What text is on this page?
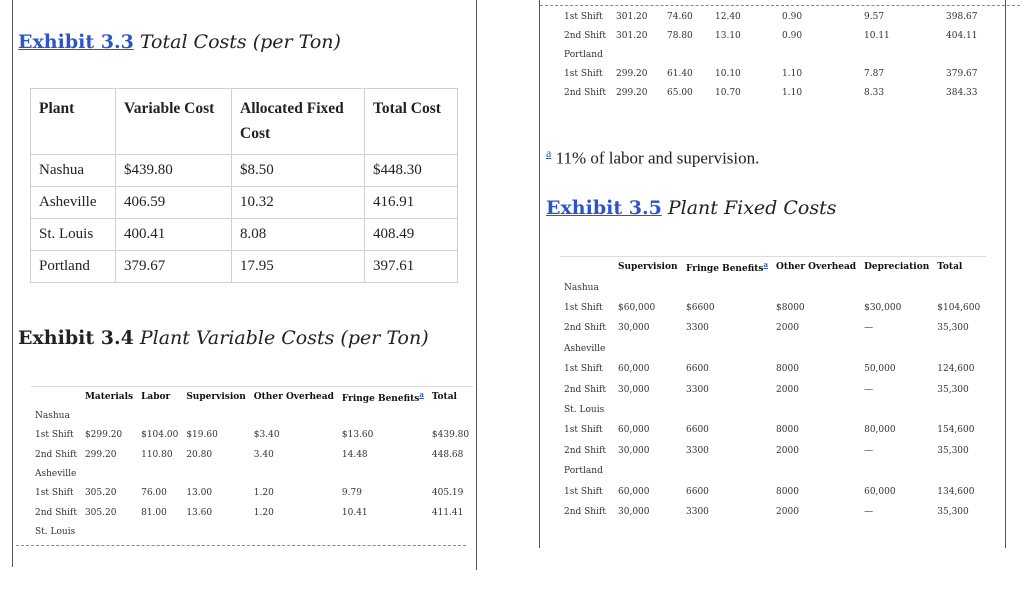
Exhibit 3.3 Total Costs (per Ton)
Plant	Variable Cost	Allocated Fixed Cost	Total Cost
Nashua	$439.80	$8.50	$448.30
Asheville	406.59	10.32	416.91
St. Louis	400.41	8.08	408.49
Portland	379.67	17.95	397.61
Exhibit 3.4 Plant Variable Costs (per Ton)
	Materials	Labor	Supervision	Other Overhead	Fringe Benefits$^a$	Total
Nashua						
1st Shift	$299.20	$104.00	$19.60	$3.40	$13.60	$439.80
2nd Shift	299.20	110.80	20.80	3.40	14.48	448.68
Asheville						
1st Shift	305.20	76.00	13.00	1.20	9.79	405.19
2nd Shift	305.20	81.00	13.60	1.20	10.41	411.41
St. Louis						
1st Shift	301.20	74.60	12.40	0.90	9.57	398.67
2nd Shift	301.20	78.80	13.10	0.90	10.11	404.11
Portland						
1st Shift	299.20	61.40	10.10	1.10	7.87	379.67
2nd Shift	299.20	65.00	10.70	1.10	8.33	384.33
$^a$ 11% of labor and supervision.
Exhibit 3.5 Plant Fixed Costs
	Supervision	Fringe Benefits$^a$	Other Overhead	Depreciation	Total
Nashua					
1st Shift	$60,000	$6600	$8000	$30,000	$104,600
2nd Shift	30,000	3300	2000	—	35,300
Asheville					
1st Shift	60,000	6600	8000	50,000	124,600
2nd Shift	30,000	3300	2000	—	35,300
St. Louis					
1st Shift	60,000	6600	8000	80,000	154,600
2nd Shift	30,000	3300	2000	—	35,300
Portland					
1st Shift	60,000	6600	8000	60,000	134,600
2nd Shift	30,000	3300	2000	—	35,300
